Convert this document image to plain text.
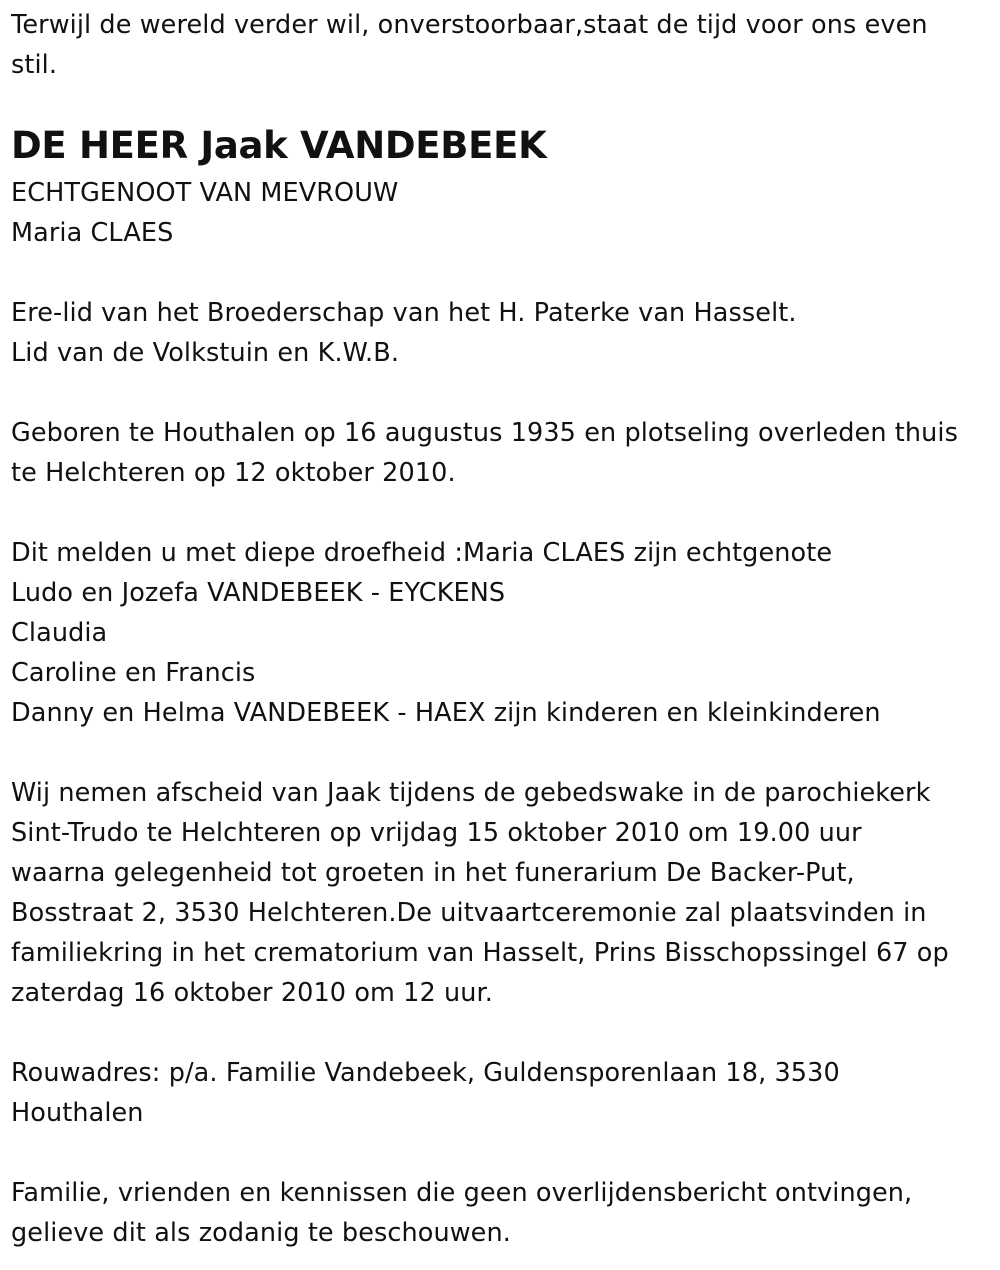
Terwijl de wereld verder wil, onverstoorbaar,staat de tijd voor ons even

stil.

DE HEER Jaak VANDEBEEK

ECHTGENOOT VAN MEVROUW

Maria CLAES

Ere-lid van het Broederschap van het H. Paterke van Hasselt.

Lid van de Volkstuin en K.W.B.

Geboren te Houthalen op 16 augustus 1935 en plotseling overleden thuis

te Helchteren op 12 oktober 2010.

Dit melden u met diepe droefheid :Maria CLAES zijn echtgenote

Ludo en Jozefa VANDEBEEK - EYCKENS

Claudia

Caroline en Francis

Danny en Helma VANDEBEEK - HAEX zijn kinderen en kleinkinderen

Wij nemen afscheid van Jaak tijdens de gebedswake in de parochiekerk

Sint-Trudo te Helchteren op vrijdag 15 oktober 2010 om 19.00 uur

waarna gelegenheid tot groeten in het funerarium De Backer-Put,

Bosstraat 2, 3530 Helchteren.De uitvaartceremonie zal plaatsvinden in

familiekring in het crematorium van Hasselt, Prins Bisschopssingel 67 op

zaterdag 16 oktober 2010 om 12 uur.

Rouwadres: p/a. Familie Vandebeek, Guldensporenlaan 18, 3530

Houthalen

Familie, vrienden en kennissen die geen overlijdensbericht ontvingen,

gelieve dit als zodanig te beschouwen.
